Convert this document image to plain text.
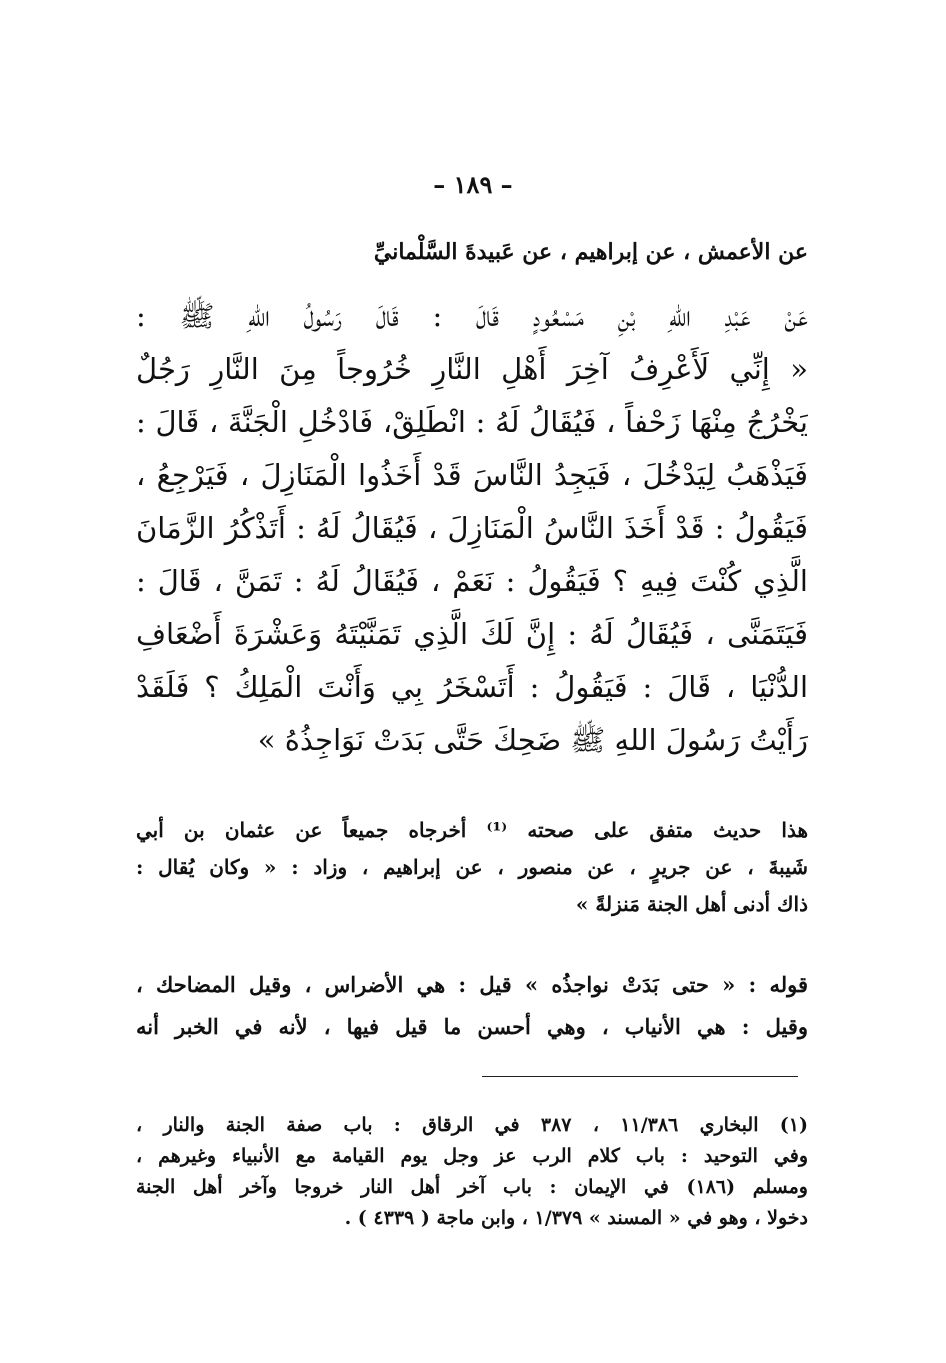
– ١٨٩ –
عن الأعمش ، عن إبراهيم ، عن عَبيدةَ السَّلْمانيِّ
عَنْ عَبْدِ اللهِ بْنِ مَسْعُودٍ قَالَ : قَالَ رَسُولُ اللهِ ﷺ :
« إِنِّي لَأَعْرِفُ آخِرَ أَهْلِ النَّارِ خُرُوجاً مِنَ النَّارِ رَجُلٌ
يَخْرُجُ مِنْهَا زَحْفاً ، فَيُقَالُ لَهُ : انْطَلِقْ، فَادْخُلِ الْجَنَّةَ ، قَالَ :
فَيَذْهَبُ لِيَدْخُلَ ، فَيَجِدُ النَّاسَ قَدْ أَخَذُوا الْمَنَازِلَ ، فَيَرْجِعُ ،
فَيَقُولُ : قَدْ أَخَذَ النَّاسُ الْمَنَازِلَ ، فَيُقَالُ لَهُ : أَتَذْكُرُ الزَّمَانَ
الَّذِي كُنْتَ فِيهِ ؟ فَيَقُولُ : نَعَمْ ، فَيُقَالُ لَهُ : تَمَنَّ ، قَالَ :
فَيَتَمَنَّى ، فَيُقَالُ لَهُ : إِنَّ لَكَ الَّذِي تَمَنَّيْتَهُ وَعَشْرَةَ أَضْعَافِ
الدُّنْيَا ، قَالَ : فَيَقُولُ : أَتَسْخَرُ بِي وَأَنْتَ الْمَلِكُ ؟ فَلَقَدْ
رَأَيْتُ رَسُولَ اللهِ ﷺ ضَحِكَ حَتَّى بَدَتْ نَوَاجِذُهُ »
هذا حديث متفق على صحته ⁽¹⁾ أخرجاه جميعاً عن عثمان بن أبي
شَيبةَ ، عن جريرٍ ، عن منصور ، عن إبراهيم ، وزاد : « وكان يُقال :
ذاك أدنى أهل الجنة مَنزلةً »
قوله : « حتى بَدَتْ نواجذُه » قيل : هي الأضراس ، وقيل المضاحك ،
وقيل : هي الأنياب ، وهي أحسن ما قيل فيها ، لأنه في الخبر أنه
(١) البخاري ١١/٣٨٦ ، ٣٨٧ في الرقاق : باب صفة الجنة والنار ،
وفي التوحيد : باب كلام الرب عز وجل يوم القيامة مع الأنبياء وغيرهم ،
ومسلم (١٨٦) في الإيمان : باب آخر أهل النار خروجا وآخر أهل الجنة
دخولا ، وهو في « المسند » ١/٣٧٩ ، وابن ماجة ( ٤٣٣٩ ) .
